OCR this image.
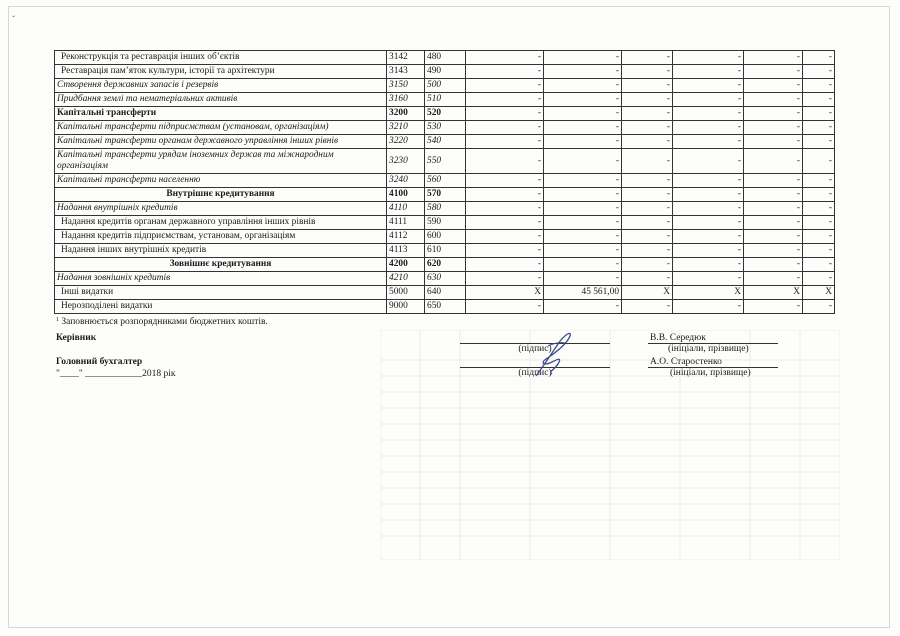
ˇ
Реконструкція та реставрація інших об’єктів	3142	480	-	-	-	-	-	-	
Реставрація пам’яток культури, історії та архітектури	3143	490	-	-	-	-	-	-	
Створення державних запасів і резервів	3150	500	-	-	-	-	-	-	
Придбання землі та нематеріальних активів	3160	510	-	-	-	-	-	-	
Капітальні трансферти	3200	520	-	-	-	-	-	-	
Капітальні трансферти підприємствам (установам, організаціям)	3210	530	-	-	-	-	-	-	
Капітальні трансферти органам державного управління інших рівнів	3220	540	-	-	-	-	-	-	
Капітальні трансферти урядам іноземних держав та міжнародним організаціям	3230	550	-	-	-	-	-	-	
Капітальні трансферти населенню	3240	560	-	-	-	-	-	-	
Внутрішнє кредитування	4100	570	-	-	-	-	-	-	
Надання внутрішніх кредитів	4110	580	-	-	-	-	-	-	
Надання кредитів органам державного управління інших рівнів	4111	590	-	-	-	-	-	-	
Надання кредитів підприємствам, установам, організаціям	4112	600	-	-	-	-	-	-	
Надання інших внутрішніх кредитів	4113	610	-	-	-	-	-	-	
Зовнішнє кредитування	4200	620	-	-	-	-	-	-	
Надання зовнішніх кредитів	4210	630	-	-	-	-	-	-	
Інші видатки	5000	640	X	45 561,00	X	X	X	X	
Нерозподілені видатки	9000	650	-	-	-	-	-	-	
$^1$ Заповнюється розпорядниками бюджетних коштів.
Керівник
(підпис)
В.В. Середюк
(ініціали, прізвище)
Головний бухгалтер
(підпис)
А.О. Старостенко
(ініціали, прізвище)
"____" ____________2018 рік
